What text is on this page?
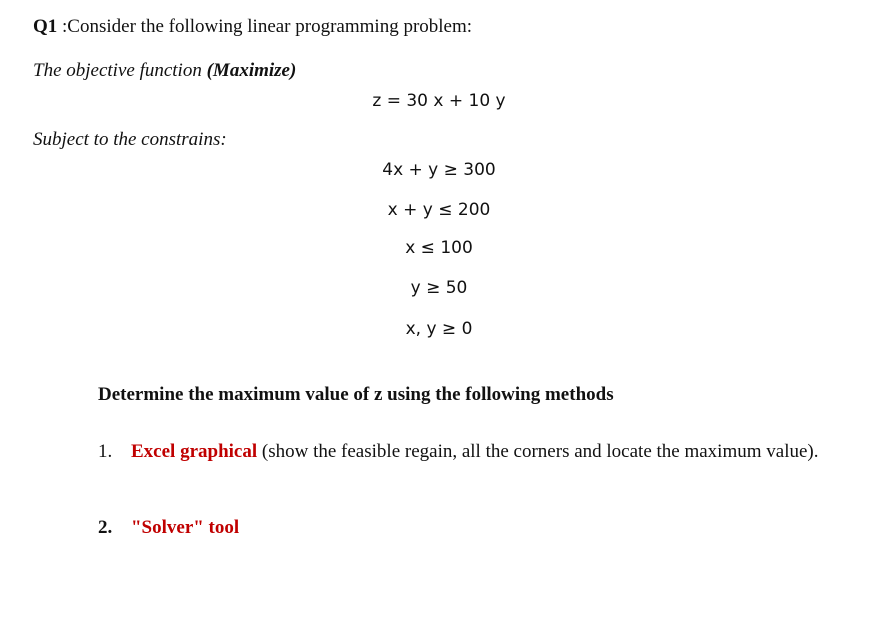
Q1 :Consider the following linear programming problem:
The objective function (Maximize)
z = 30 x + 10 y
Subject to the constrains:
4x + y ≥ 300
x + y ≤ 200
x ≤ 100
y ≥ 50
x, y ≥ 0
Determine the maximum value of z using the following methods
1. Excel graphical (show the feasible regain, all the corners and locate the maximum value).
2. "Solver" tool
